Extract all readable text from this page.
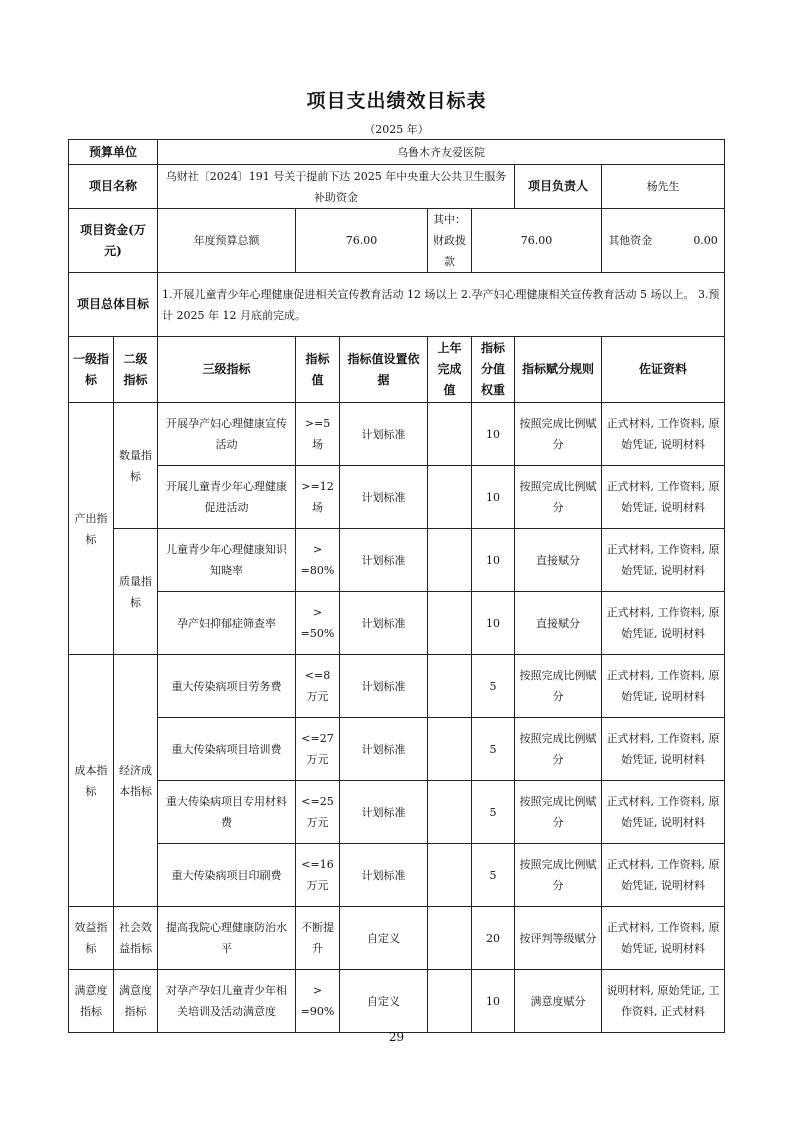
项目支出绩效目标表
（2025 年）
预算单位		乌鲁木齐友爱医院						
项目名称		乌财社〔2024〕191 号关于提前下达 2025 年中央重大公共卫生服务补助资金					项目负责人	杨先生
项目资金(万元)		年度预算总额	76.00		其中：财政拨款	76.00		其他资金 0.00
项目总体目标		1.开展儿童青少年心理健康促进相关宣传教育活动 12 场以上 2.孕产妇心理健康相关宣传教育活动 5 场以上。 3.预计 2025 年 12 月底前完成。						
一级指标	二级指标	三级指标	指标值	指标值设置依据	上年完成值	指标分值权重	指标赋分规则	佐证资料
产出指标	数量指标	开展孕产妇心理健康宣传活动	>=5场	计划标准		10	按照完成比例赋分	正式材料, 工作资料, 原始凭证, 说明材料
		开展儿童青少年心理健康促进活动	>=12场	计划标准		10	按照完成比例赋分	正式材料, 工作资料, 原始凭证, 说明材料
	质量指标	儿童青少年心理健康知识知晓率	> =80%	计划标准		10	直接赋分	正式材料, 工作资料, 原始凭证, 说明材料
		孕产妇抑郁症筛查率	> =50%	计划标准		10	直接赋分	正式材料, 工作资料, 原始凭证, 说明材料
成本指标	经济成本指标	重大传染病项目劳务费	<=8 万元	计划标准		5	按照完成比例赋分	正式材料, 工作资料, 原始凭证, 说明材料
		重大传染病项目培训费	<=27 万元	计划标准		5	按照完成比例赋分	正式材料, 工作资料, 原始凭证, 说明材料
		重大传染病项目专用材料费	<=25 万元	计划标准		5	按照完成比例赋分	正式材料, 工作资料, 原始凭证, 说明材料
		重大传染病项目印刷费	<=16 万元	计划标准		5	按照完成比例赋分	正式材料, 工作资料, 原始凭证, 说明材料
效益指标	社会效益指标	提高我院心理健康防治水平	不断提升	自定义		20	按评判等级赋分	正式材料, 工作资料, 原始凭证, 说明材料
满意度指标	满意度指标	对孕产孕妇儿童青少年相关培训及活动满意度	> =90%	自定义		10	满意度赋分	说明材料, 原始凭证, 工作资料, 正式材料
29
